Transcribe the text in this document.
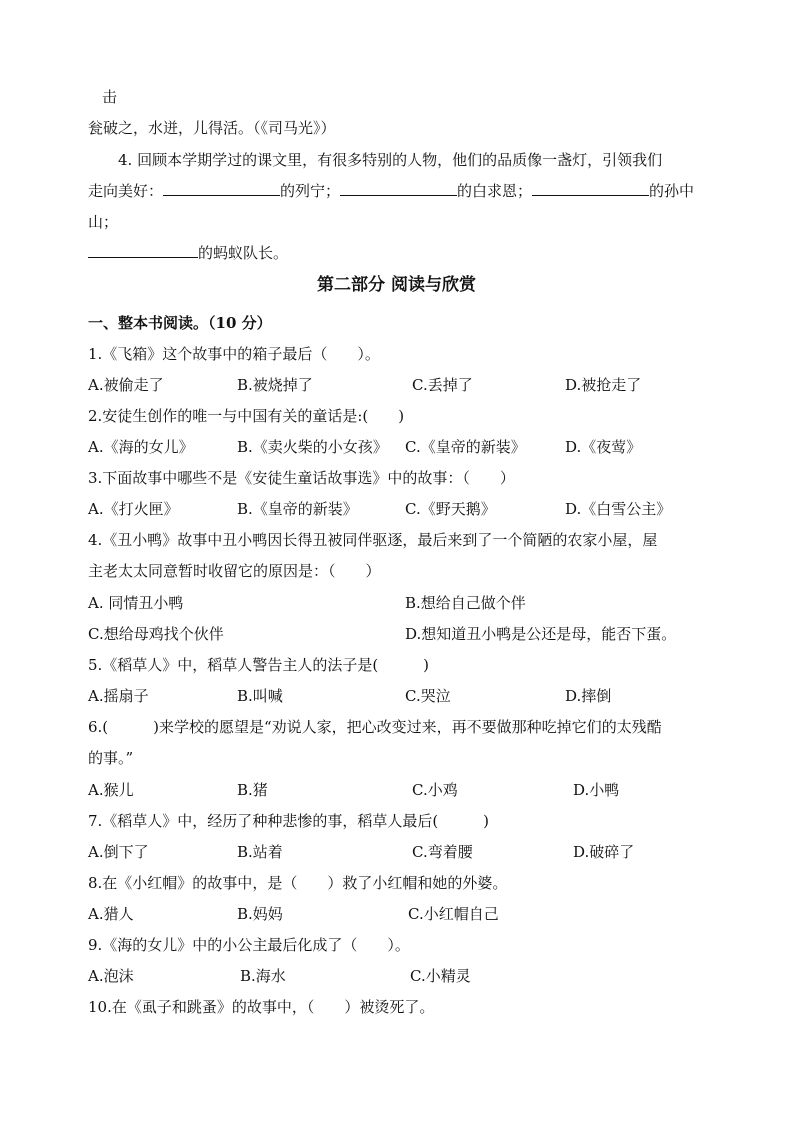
击
瓮破之，水迸，儿得活。（《司马光》）
4. 回顾本学期学过的课文里，有很多特别的人物，他们的品质像一盏灯，引领我们
走向美好：	的列宁；	的白求恩；	的孙中
山；
的蚂蚁队长。
第二部分 阅读与欣赏
一、整本书阅读。（10 分）
1.《飞箱》这个故事中的箱子最后（　　）。
A.被偷走了	B.被烧掉了	C.丢掉了	D.被抢走了
2.安徒生创作的唯一与中国有关的童话是:(　　)
A.《海的女儿》	B.《卖火柴的小女孩》 C.《皇帝的新装》	D.《夜莺》
3.下面故事中哪些不是《安徒生童话故事选》中的故事：（　　）
A.《打火匣》	B.《皇帝的新装》	C.《野天鹅》	D.《白雪公主》
4.《丑小鸭》故事中丑小鸭因长得丑被同伴驱逐，最后来到了一个简陋的农家小屋，屋
主老太太同意暂时收留它的原因是：（　　）
A. 同情丑小鸭	B.想给自己做个伴
C.想给母鸡找个伙伴	D.想知道丑小鸭是公还是母，能否下蛋。
5.《稻草人》中，稻草人警告主人的法子是(　　　)
A.摇扇子	B.叫喊	C.哭泣	D.摔倒
6.(　　　)来学校的愿望是“劝说人家，把心改变过来，再不要做那种吃掉它们的太残酷
的事。”
A.猴儿	B.猪	C.小鸡	D.小鸭
7.《稻草人》中，经历了种种悲惨的事，稻草人最后(　　　)
A.倒下了	B.站着	C.弯着腰	D.破碎了
8.在《小红帽》的故事中，是（　　）救了小红帽和她的外婆。
A.猎人	B.妈妈	C.小红帽自己
9.《海的女儿》中的小公主最后化成了（　　）。
A.泡沫	B.海水	C.小精灵
10.在《虱子和跳蚤》的故事中，（　　）被烫死了。
